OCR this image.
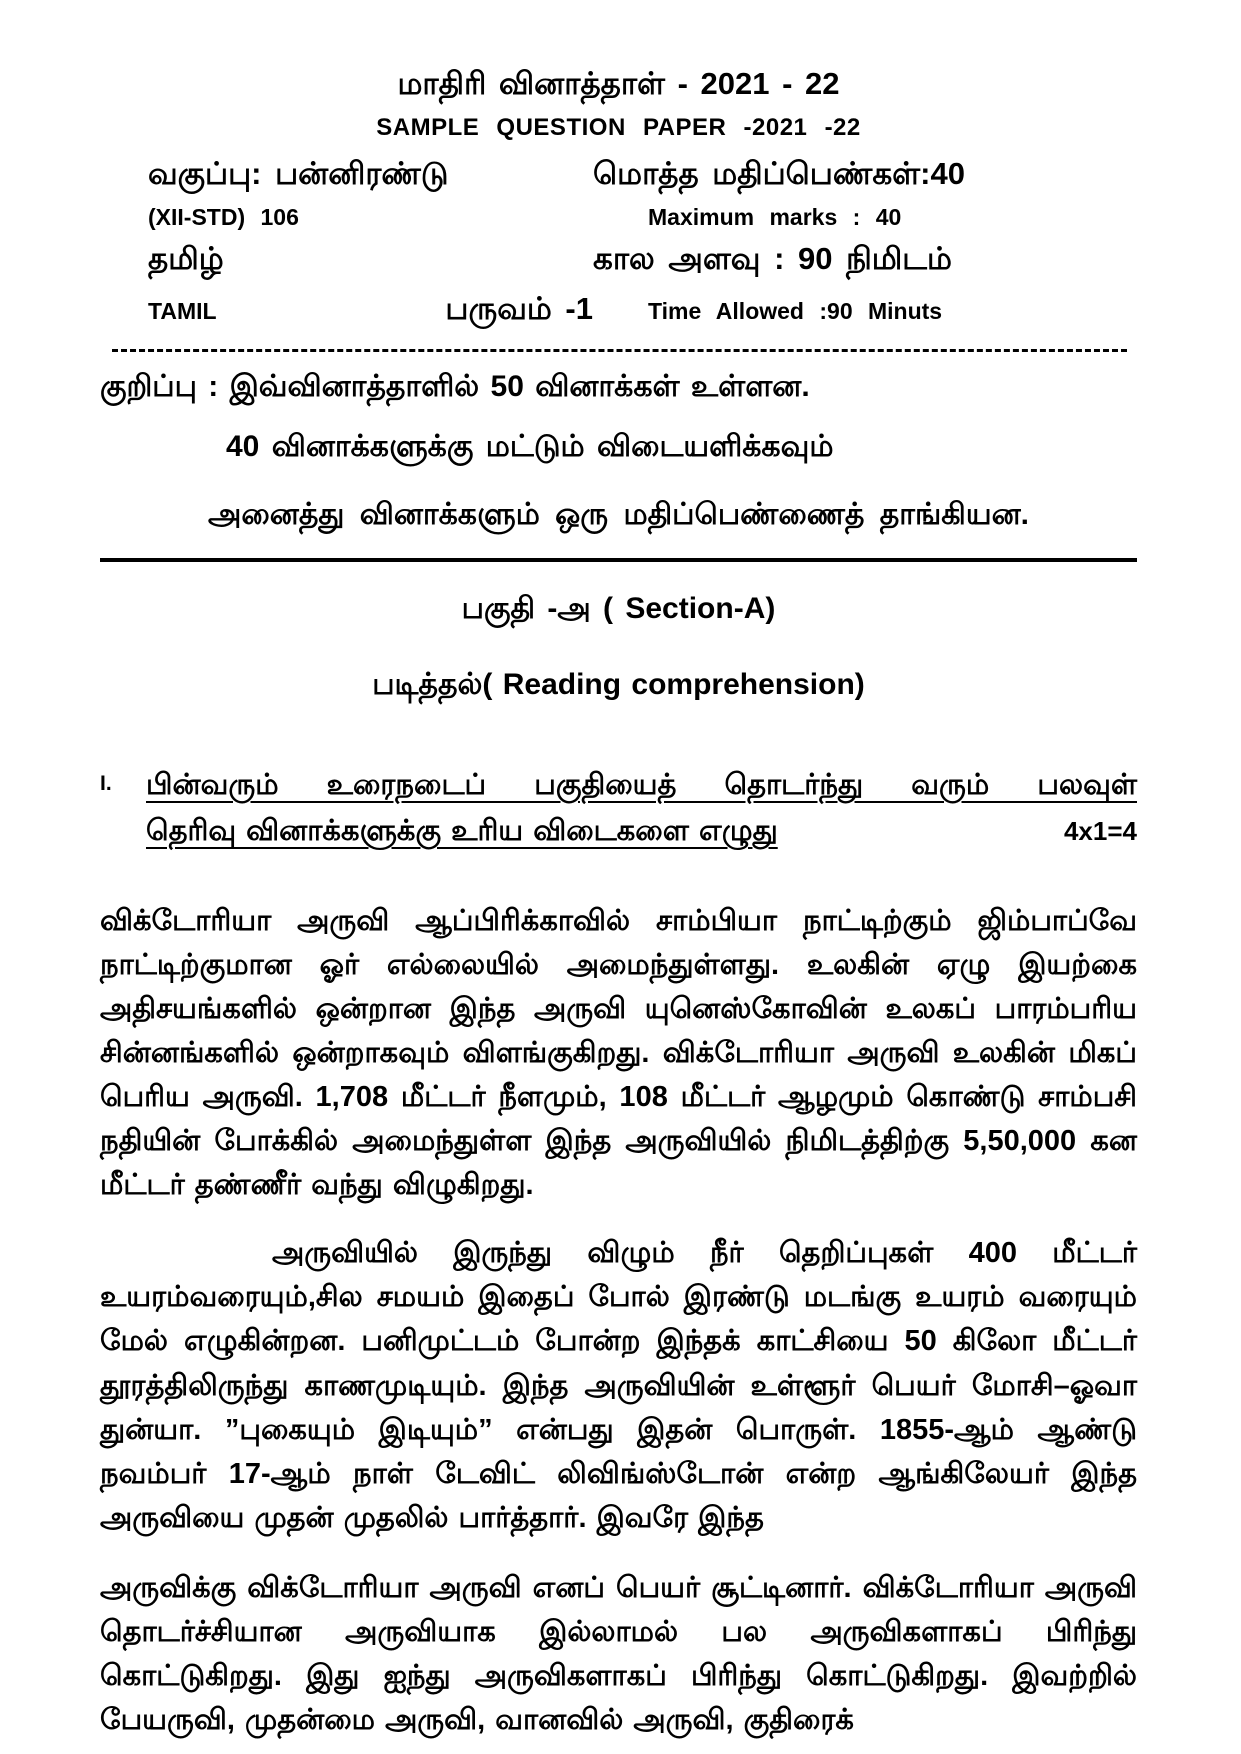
மாதிரி வினாத்தாள் - 2021 - 22
SAMPLE QUESTION PAPER -2021 -22
வகுப்பு: பன்னிரண்டு	மொத்த மதிப்பெண்கள்:40
(XII-STD) 106	Maximum marks : 40
தமிழ்	கால அளவு : 90 நிமிடம்
TAMIL	பருவம் -1	Time Allowed :90 Minuts

குறிப்பு : இவ்வினாத்தாளில் 50 வினாக்கள் உள்ளன.

40 வினாக்களுக்கு மட்டும் விடையளிக்கவும்

அனைத்து வினாக்களும் ஒரு மதிப்பெண்ணைத் தாங்கியன.

பகுதி -அ ( Section-A)
படித்தல்( Reading comprehension)
I.	பின்வரும் உரைநடைப் பகுதியைத் தொடர்ந்து வரும் பலவுள்
தெரிவு வினாக்களுக்கு உரிய விடைகளை எழுது	4x1=4

விக்டோரியா அருவி ஆப்பிரிக்காவில் சாம்பியா நாட்டிற்கும் ஜிம்பாப்வே நாட்டிற்குமான ஓர் எல்லையில் அமைந்துள்ளது. உலகின் ஏழு இயற்கை அதிசயங்களில் ஒன்றான இந்த அருவி யுனெஸ்கோவின் உலகப் பாரம்பரிய சின்னங்களில் ஒன்றாகவும் விளங்குகிறது. விக்டோரியா அருவி உலகின் மிகப் பெரிய அருவி. 1,708 மீட்டர் நீளமும், 108 மீட்டர் ஆழமும் கொண்டு சாம்பசி நதியின் போக்கில் அமைந்துள்ள இந்த அருவியில் நிமிடத்திற்கு 5,50,000 கன மீட்டர் தண்ணீர் வந்து விழுகிறது.

அருவியில் இருந்து விழும் நீர் தெறிப்புகள் 400 மீட்டர் உயரம்வரையும்,சில சமயம் இதைப் போல் இரண்டு மடங்கு உயரம் வரையும் மேல் எழுகின்றன. பனிமுட்டம் போன்ற இந்தக் காட்சியை 50 கிலோ மீட்டர் தூரத்திலிருந்து காணமுடியும். இந்த அருவியின் உள்ளூர் பெயர் மோசி–ஓவா துன்யா. ”புகையும் இடியும்” என்பது இதன் பொருள். 1855-ஆம் ஆண்டு நவம்பர் 17-ஆம் நாள் டேவிட் லிவிங்ஸ்டோன் என்ற ஆங்கிலேயர் இந்த அருவியை முதன் முதலில் பார்த்தார். இவரே இந்த

அருவிக்கு விக்டோரியா அருவி எனப் பெயர் சூட்டினார். விக்டோரியா அருவி தொடர்ச்சியான அருவியாக இல்லாமல் பல அருவிகளாகப் பிரிந்து கொட்டுகிறது. இது ஐந்து அருவிகளாகப் பிரிந்து கொட்டுகிறது. இவற்றில் பேயருவி, முதன்மை அருவி, வானவில் அருவி, குதிரைக்
